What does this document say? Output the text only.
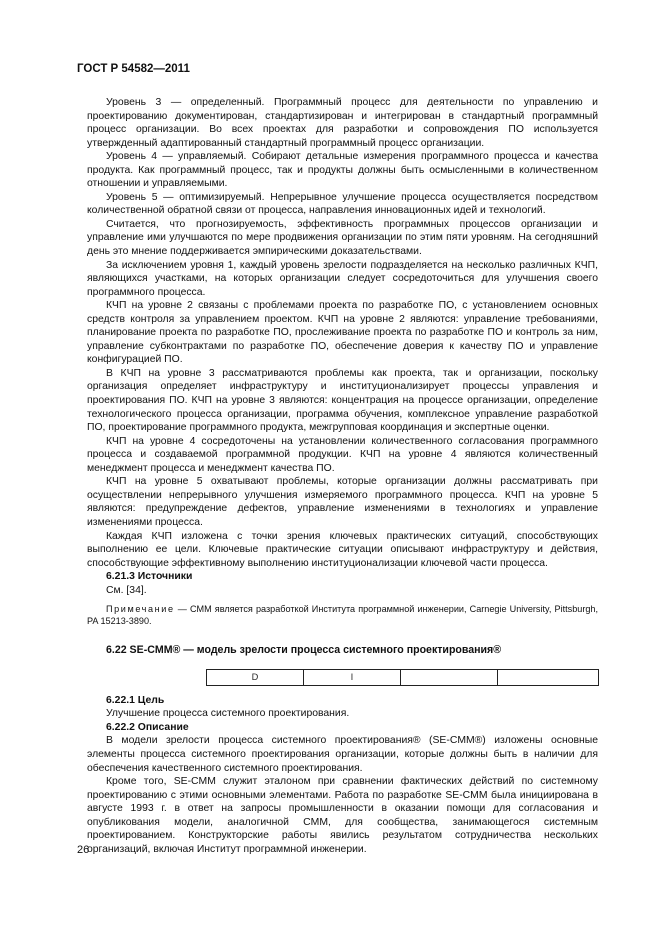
ГОСТ Р 54582—2011

Уровень 3 — определенный. Программный процесс для деятельности по управлению и проектированию документирован, стандартизирован и интегрирован в стандартный программный процесс организации. Во всех проектах для разработки и сопровождения ПО используется утвержденный адаптированный стандартный программный процесс организации.

Уровень 4 — управляемый. Собирают детальные измерения программного процесса и качества продукта. Как программный процесс, так и продукты должны быть осмысленными в количественном отношении и управляемыми.

Уровень 5 — оптимизируемый. Непрерывное улучшение процесса осуществляется посредством количественной обратной связи от процесса, направления инновационных идей и технологий.

Считается, что прогнозируемость, эффективность программных процессов организации и управление ими улучшаются по мере продвижения организации по этим пяти уровням. На сегодняшний день это мнение поддерживается эмпирическими доказательствами.

За исключением уровня 1, каждый уровень зрелости подразделяется на несколько различных КЧП, являющихся участками, на которых организации следует сосредоточиться для улучшения своего программного процесса.

КЧП на уровне 2 связаны с проблемами проекта по разработке ПО, с установлением основных средств контроля за управлением проектом. КЧП на уровне 2 являются: управление требованиями, планирование проекта по разработке ПО, прослеживание проекта по разработке ПО и контроль за ним, управление субконтрактами по разработке ПО, обеспечение доверия к качеству ПО и управление конфигурацией ПО.

В КЧП на уровне 3 рассматриваются проблемы как проекта, так и организации, поскольку организация определяет инфраструктуру и институционализирует процессы управления и проектирования ПО. КЧП на уровне 3 являются: концентрация на процессе организации, определение технологического процесса организации, программа обучения, комплексное управление разработкой ПО, проектирование программного продукта, межгрупповая координация и экспертные оценки.

КЧП на уровне 4 сосредоточены на установлении количественного согласования программного процесса и создаваемой программной продукции. КЧП на уровне 4 являются количественный менеджмент процесса и менеджмент качества ПО.

КЧП на уровне 5 охватывают проблемы, которые организации должны рассматривать при осуществлении непрерывного улучшения измеряемого программного процесса. КЧП на уровне 5 являются: предупреждение дефектов, управление изменениями в технологиях и управление изменениями процесса.

Каждая КЧП изложена с точки зрения ключевых практических ситуаций, способствующих выполнению ее цели. Ключевые практические ситуации описывают инфраструктуру и действия, способствующие эффективному выполнению институционализации ключевой части процесса.

6.21.3 Источники

См. [34].

Примечание — CMM является разработкой Института программной инженерии, Carnegie University, Pittsburgh, PA 15213-3890.

6.22 SE-CMM® — модель зрелости процесса системного проектирования®

D	I		

6.22.1 Цель

Улучшение процесса системного проектирования.

6.22.2 Описание

В модели зрелости процесса системного проектирования® (SE-CMM®) изложены основные элементы процесса системного проектирования организации, которые должны быть в наличии для обеспечения качественного системного проектирования.

Кроме того, SE-CMM служит эталоном при сравнении фактических действий по системному проектированию с этими основными элементами. Работа по разработке SE-CMM была инициирована в августе 1993 г. в ответ на запросы промышленности в оказании помощи для согласования и опубликования модели, аналогичной CMM, для сообщества, занимающегося системным проектированием. Конструкторские работы явились результатом сотрудничества нескольких организаций, включая Институт программной инженерии.

26
